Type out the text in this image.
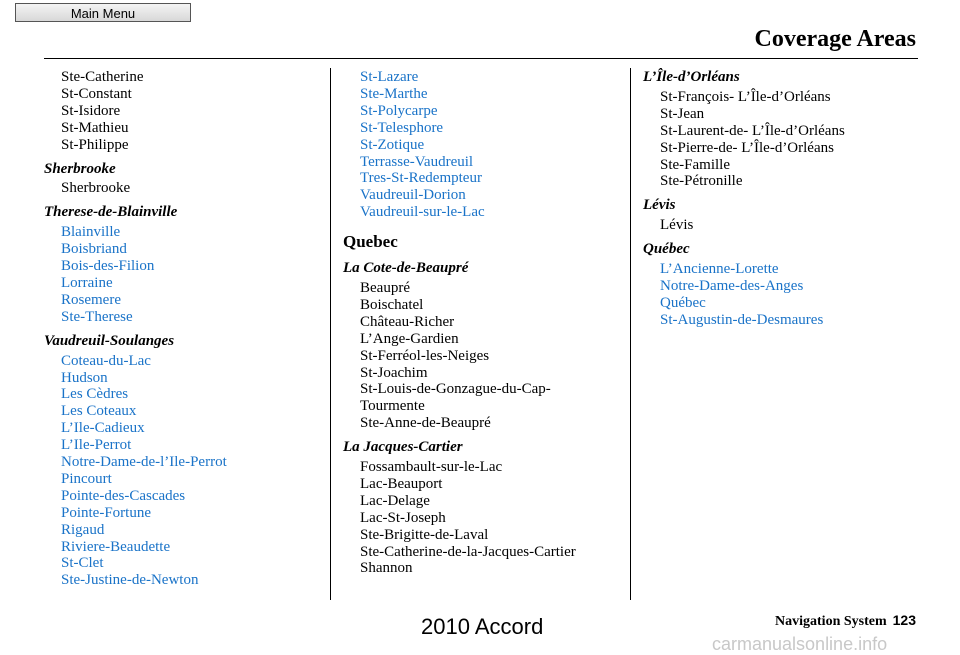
Main Menu
Coverage Areas
Ste-Catherine
St-Constant
St-Isidore
St-Mathieu
St-Philippe
Sherbrooke
Sherbrooke
Therese-de-Blainville
Blainville
Boisbriand
Bois-des-Filion
Lorraine
Rosemere
Ste-Therese
Vaudreuil-Soulanges
Coteau-du-Lac
Hudson
Les Cèdres
Les Coteaux
L’Ile-Cadieux
L’Ile-Perrot
Notre-Dame-de-l’Ile-Perrot
Pincourt
Pointe-des-Cascades
Pointe-Fortune
Rigaud
Riviere-Beaudette
St-Clet
Ste-Justine-de-Newton
St-Lazare
Ste-Marthe
St-Polycarpe
St-Telesphore
St-Zotique
Terrasse-Vaudreuil
Tres-St-Redempteur
Vaudreuil-Dorion
Vaudreuil-sur-le-Lac
Quebec
La Cote-de-Beaupré
Beaupré
Boischatel
Château-Richer
L’Ange-Gardien
St-Ferréol-les-Neiges
St-Joachim
St-Louis-de-Gonzague-du-Cap-
Tourmente
Ste-Anne-de-Beaupré
La Jacques-Cartier
Fossambault-sur-le-Lac
Lac-Beauport
Lac-Delage
Lac-St-Joseph
Ste-Brigitte-de-Laval
Ste-Catherine-de-la-Jacques-Cartier
Shannon
L’Île-d’Orléans
St-François- L’Île-d’Orléans
St-Jean
St-Laurent-de- L’Île-d’Orléans
St-Pierre-de- L’Île-d’Orléans
Ste-Famille
Ste-Pétronille
Lévis
Lévis
Québec
L’Ancienne-Lorette
Notre-Dame-des-Anges
Québec
St-Augustin-de-Desmaures
Navigation System 123
2010 Accord
carmanualsonline.info
